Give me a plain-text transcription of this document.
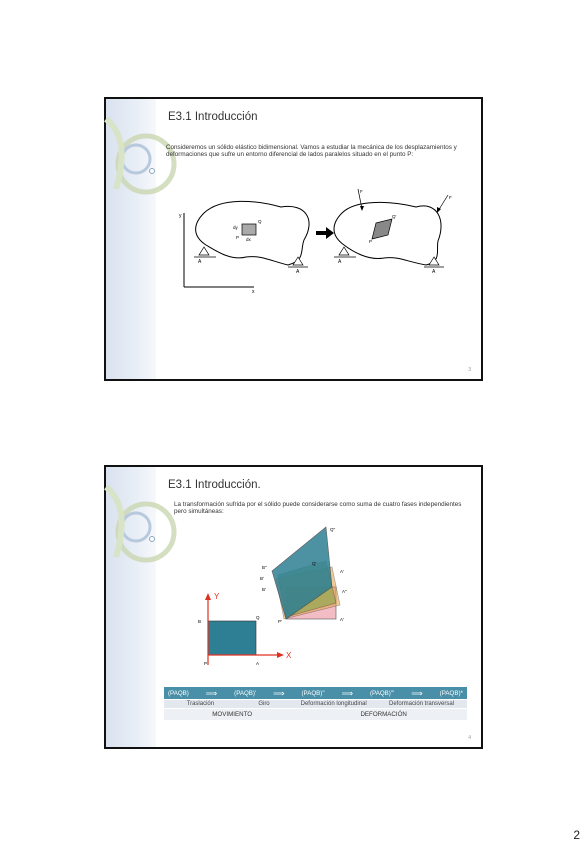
E3.1 Introducción
Consideremos un sólido elástico bidimensional. Vamos a estudiar la mecánica de los desplazamientos y deformaciones que sufre un entorno diferencial de lados paralelos situado en el punto P:
y
x
dy
dx
P
Q
A
A
P
Q'
A
A
F
F
3
E3.1 Introducción.
La transformación sufrida por el sólido puede considerarse como suma de cuatro fases independientes pero simultáneas:
Y
X
B
Q
P	A
Q''
B''
B'
B'
A'
A''
A'
Q'
P'
(PAQB) ⟹	(PAQB)' ⟹	(PAQB)'' ⟹	(PAQB)''' ⟹	(PAQB)*
Traslación	Giro	Deformación longitudinal	Deformación transversal
MOVIMIENTO	DEFORMACIÓN
4
2
